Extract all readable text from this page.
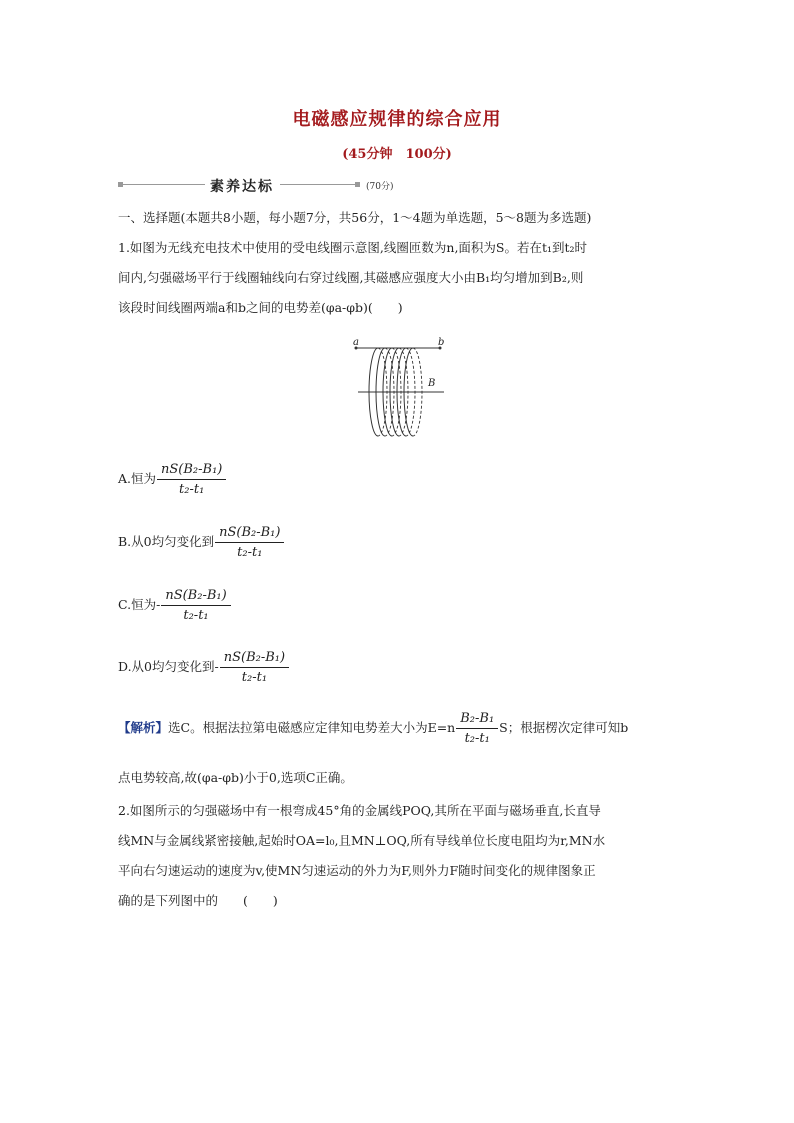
电磁感应规律的综合应用
(45分钟　100分)
素养达标	(70分)
一、选择题(本题共8小题，每小题7分，共56分，1～4题为单选题，5～8题为多选题)
1.如图为无线充电技术中使用的受电线圈示意图,线圈匝数为n,面积为S。若在t₁到t₂时
间内,匀强磁场平行于线圈轴线向右穿过线圈,其磁感应强度大小由B₁均匀增加到B₂,则
该段时间线圈两端a和b之间的电势差(φa-φb)(　　)
a	b
B
A.恒为 $\frac{\text{nS(B₂-B₁)}}{\text{t₂-t₁}}$
B.从0均匀变化到 $\frac{\text{nS(B₂-B₁)}}{\text{t₂-t₁}}$
C.恒为- $\frac{\text{nS(B₂-B₁)}}{\text{t₂-t₁}}$
D.从0均匀变化到- $\frac{\text{nS(B₂-B₁)}}{\text{t₂-t₁}}$
【解析】选C。根据法拉第电磁感应定律知电势差大小为$E=n \frac{\text{B₂-B₁}}{\text{t₂-t₁}}$ S；根据楞次定律可知b
点电势较高,故(φa-φb)小于0,选项C正确。
2.如图所示的匀强磁场中有一根弯成45°角的金属线POQ,其所在平面与磁场垂直,长直导
线MN与金属线紧密接触,起始时OA=l₀,且MN⊥OQ,所有导线单位长度电阻均为r,MN水
平向右匀速运动的速度为v,使MN匀速运动的外力为F,则外力F随时间变化的规律图象正
确的是下列图中的　　(　　)
